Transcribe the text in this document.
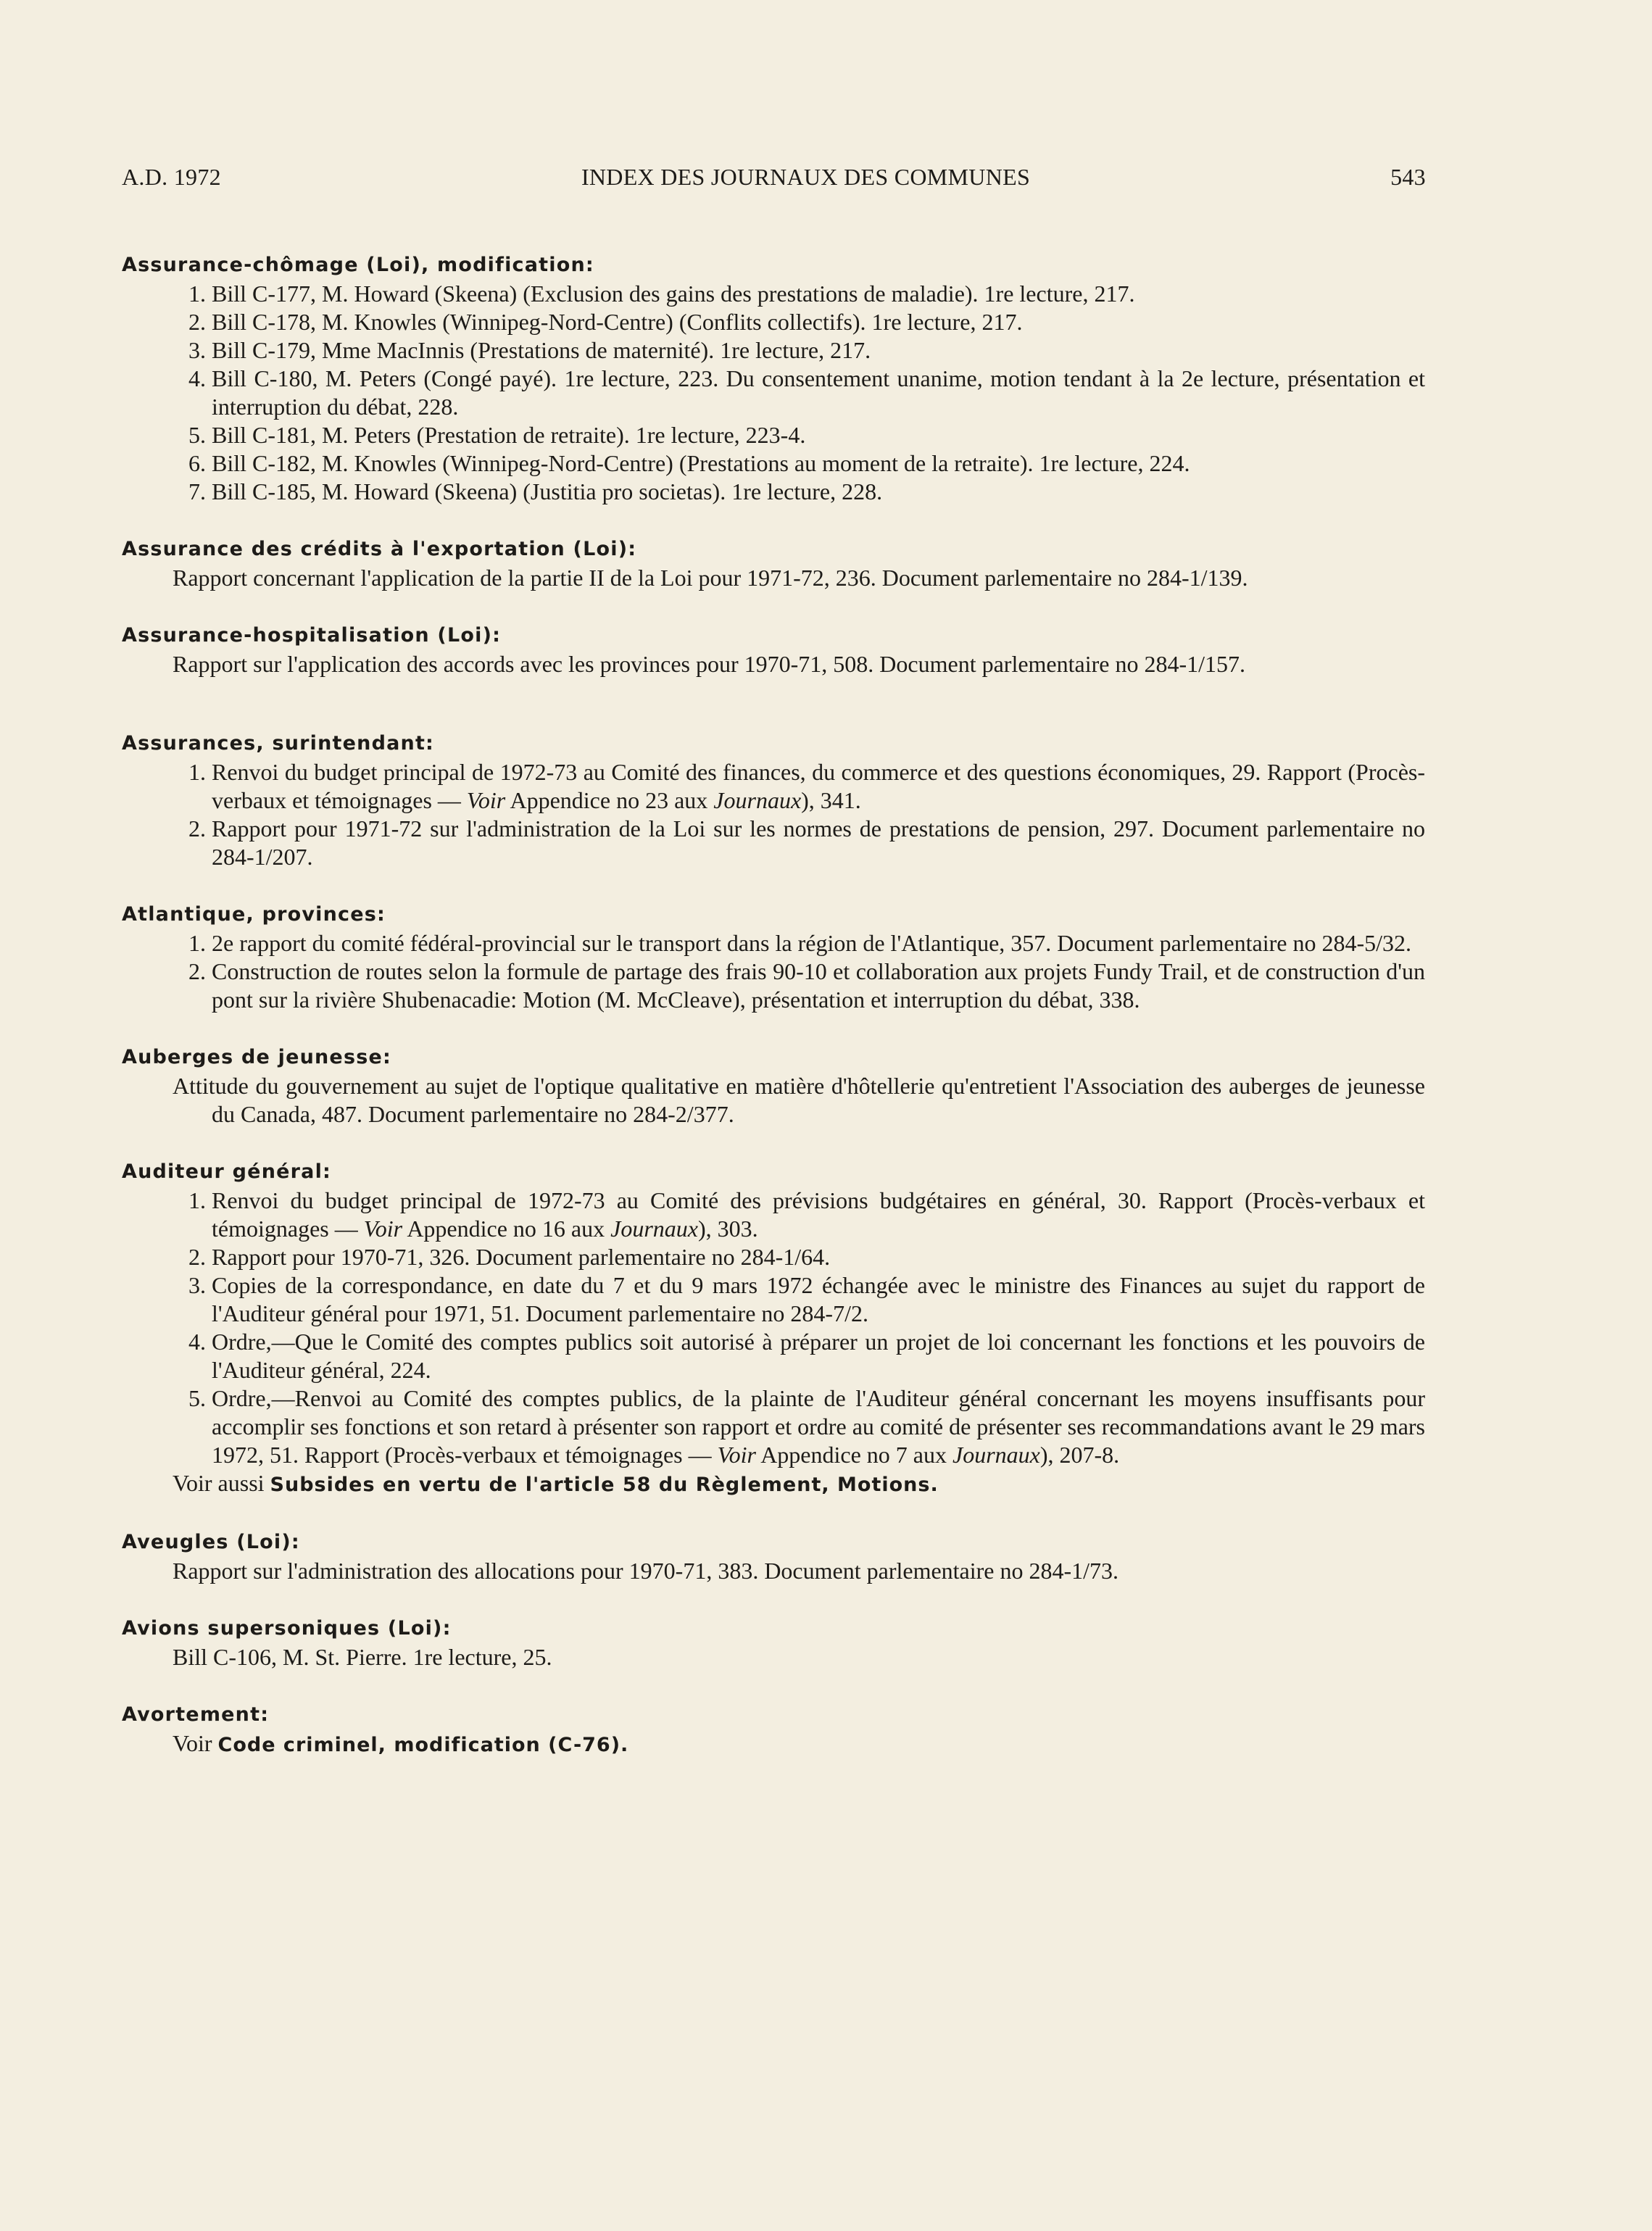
A.D. 1972	INDEX DES JOURNAUX DES COMMUNES	543
Assurance-chômage (Loi), modification:
1. Bill C-177, M. Howard (Skeena) (Exclusion des gains des prestations de maladie). 1re lecture, 217.
2. Bill C-178, M. Knowles (Winnipeg-Nord-Centre) (Conflits collectifs). 1re lecture, 217.
3. Bill C-179, Mme MacInnis (Prestations de maternité). 1re lecture, 217.
4. Bill C-180, M. Peters (Congé payé). 1re lecture, 223. Du consentement unanime, motion tendant à la 2e lecture, présentation et interruption du débat, 228.
5. Bill C-181, M. Peters (Prestation de retraite). 1re lecture, 223-4.
6. Bill C-182, M. Knowles (Winnipeg-Nord-Centre) (Prestations au moment de la retraite). 1re lecture, 224.
7. Bill C-185, M. Howard (Skeena) (Justitia pro societas). 1re lecture, 228.
Assurance des crédits à l'exportation (Loi):
Rapport concernant l'application de la partie II de la Loi pour 1971-72, 236. Document parlementaire no 284-1/139.
Assurance-hospitalisation (Loi):
Rapport sur l'application des accords avec les provinces pour 1970-71, 508. Document parlementaire no 284-1/157.
Assurances, surintendant:
1. Renvoi du budget principal de 1972-73 au Comité des finances, du commerce et des questions économiques, 29. Rapport (Procès-verbaux et témoignages — Voir Appendice no 23 aux Journaux), 341.
2. Rapport pour 1971-72 sur l'administration de la Loi sur les normes de prestations de pension, 297. Document parlementaire no 284-1/207.
Atlantique, provinces:
1. 2e rapport du comité fédéral-provincial sur le transport dans la région de l'Atlantique, 357. Document parlementaire no 284-5/32.
2. Construction de routes selon la formule de partage des frais 90-10 et collaboration aux projets Fundy Trail, et de construction d'un pont sur la rivière Shubenacadie: Motion (M. McCleave), présentation et interruption du débat, 338.
Auberges de jeunesse:
Attitude du gouvernement au sujet de l'optique qualitative en matière d'hôtellerie qu'entretient l'Association des auberges de jeunesse du Canada, 487. Document parlementaire no 284-2/377.
Auditeur général:
1. Renvoi du budget principal de 1972-73 au Comité des prévisions budgétaires en général, 30. Rapport (Procès-verbaux et témoignages — Voir Appendice no 16 aux Journaux), 303.
2. Rapport pour 1970-71, 326. Document parlementaire no 284-1/64.
3. Copies de la correspondance, en date du 7 et du 9 mars 1972 échangée avec le ministre des Finances au sujet du rapport de l'Auditeur général pour 1971, 51. Document parlementaire no 284-7/2.
4. Ordre,—Que le Comité des comptes publics soit autorisé à préparer un projet de loi concernant les fonctions et les pouvoirs de l'Auditeur général, 224.
5. Ordre,—Renvoi au Comité des comptes publics, de la plainte de l'Auditeur général concernant les moyens insuffisants pour accomplir ses fonctions et son retard à présenter son rapport et ordre au comité de présenter ses recommandations avant le 29 mars 1972, 51. Rapport (Procès-verbaux et témoignages — Voir Appendice no 7 aux Journaux), 207-8.
Voir aussi Subsides en vertu de l'article 58 du Règlement, Motions.
Aveugles (Loi):
Rapport sur l'administration des allocations pour 1970-71, 383. Document parlementaire no 284-1/73.
Avions supersoniques (Loi):
Bill C-106, M. St. Pierre. 1re lecture, 25.
Avortement:
Voir Code criminel, modification (C-76).
